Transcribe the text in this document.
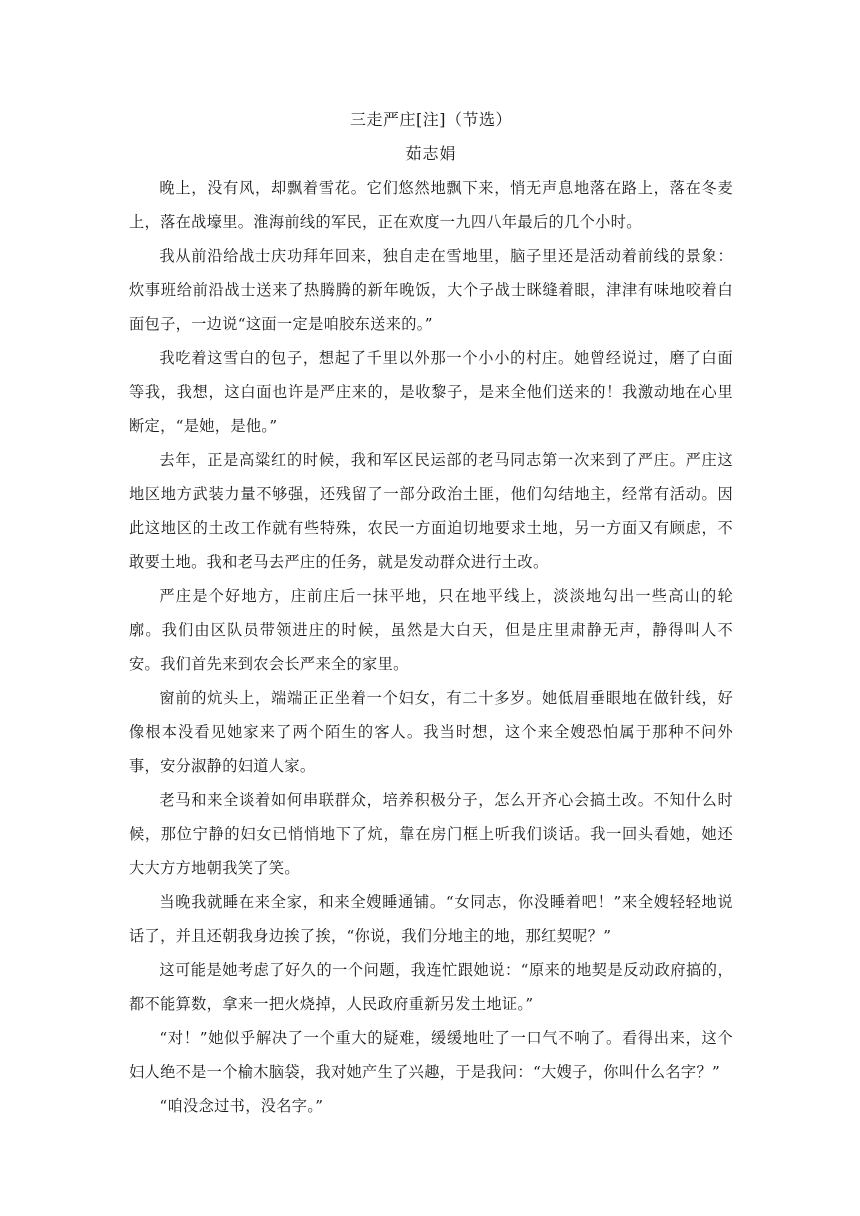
三走严庄[注]（节选）
茹志娟

晚上，没有风，却飘着雪花。它们悠然地飘下来，悄无声息地落在路上，落在冬麦上，落在战壕里。淮海前线的军民，正在欢度一九四八年最后的几个小时。

我从前沿给战士庆功拜年回来，独自走在雪地里，脑子里还是活动着前线的景象：炊事班给前沿战士送来了热腾腾的新年晚饭，大个子战士眯缝着眼，津津有味地咬着白面包子，一边说“这面一定是咱胶东送来的。”

我吃着这雪白的包子，想起了千里以外那一个小小的村庄。她曾经说过，磨了白面等我，我想，这白面也许是严庄来的，是收黎子，是来全他们送来的！我激动地在心里断定，“是她，是他。”

去年，正是高粱红的时候，我和军区民运部的老马同志第一次来到了严庄。严庄这地区地方武装力量不够强，还残留了一部分政治土匪，他们勾结地主，经常有活动。因此这地区的土改工作就有些特殊，农民一方面迫切地要求土地，另一方面又有顾虑，不敢要土地。我和老马去严庄的任务，就是发动群众进行土改。

严庄是个好地方，庄前庄后一抹平地，只在地平线上，淡淡地勾出一些高山的轮廓。我们由区队员带领进庄的时候，虽然是大白天，但是庄里肃静无声，静得叫人不安。我们首先来到农会长严来全的家里。

窗前的炕头上，端端正正坐着一个妇女，有二十多岁。她低眉垂眼地在做针线，好像根本没看见她家来了两个陌生的客人。我当时想，这个来全嫂恐怕属于那种不问外事，安分淑静的妇道人家。

老马和来全谈着如何串联群众，培养积极分子，怎么开齐心会搞土改。不知什么时候，那位宁静的妇女已悄悄地下了炕，靠在房门框上听我们谈话。我一回头看她，她还大大方方地朝我笑了笑。

当晚我就睡在来全家，和来全嫂睡通铺。“女同志，你没睡着吧！”来全嫂轻轻地说话了，并且还朝我身边挨了挨，“你说，我们分地主的地，那红契呢？”

这可能是她考虑了好久的一个问题，我连忙跟她说：“原来的地契是反动政府搞的，都不能算数，拿来一把火烧掉，人民政府重新另发土地证。”

“对！”她似乎解决了一个重大的疑难，缓缓地吐了一口气不响了。看得出来，这个妇人绝不是一个榆木脑袋，我对她产生了兴趣，于是我问：“大嫂子，你叫什么名字？”

“咱没念过书，没名字。”
